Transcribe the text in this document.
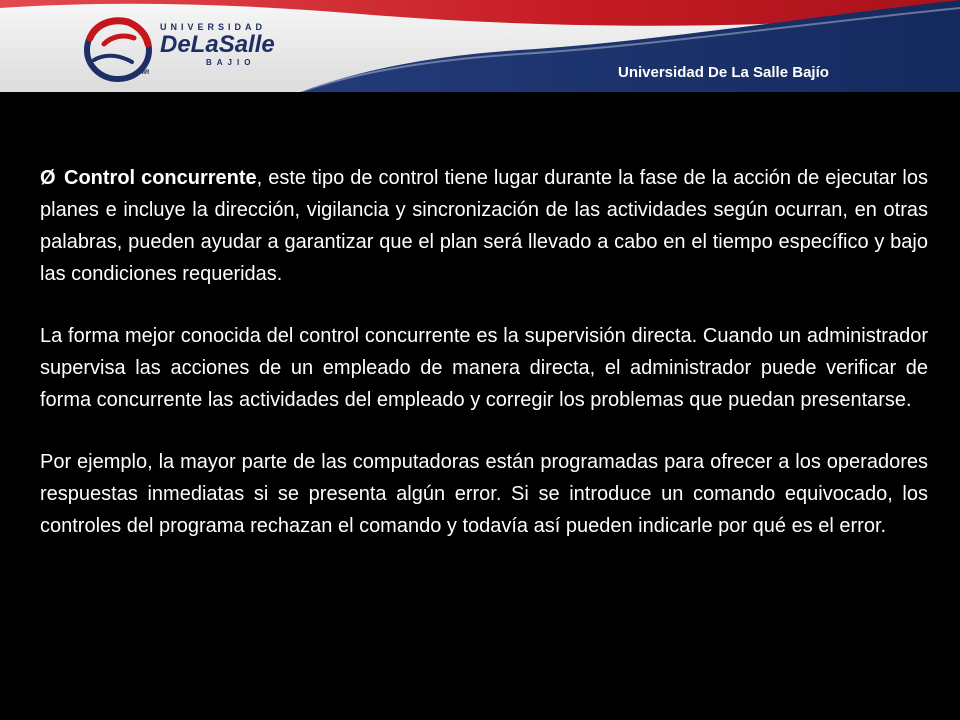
MR
UNIVERSIDAD
DeLaSalle
BAJIO
Universidad De La Salle Bajío

Ø Control concurrente, este tipo de control tiene lugar durante la fase de la acción de ejecutar los planes e incluye la dirección, vigilancia y sincronización de las actividades según ocurran, en otras palabras, pueden ayudar a garantizar que el plan será llevado a cabo en el tiempo específico y bajo las condiciones requeridas.

La forma mejor conocida del control concurrente es la supervisión directa. Cuando un administrador supervisa las acciones de un empleado de manera directa, el administrador puede verificar de forma concurrente las actividades del empleado y corregir los problemas que puedan presentarse.

Por ejemplo, la mayor parte de las computadoras están programadas para ofrecer a los operadores respuestas inmediatas si se presenta algún error. Si se introduce un comando equivocado, los controles del programa rechazan el comando y todavía así pueden indicarle por qué es el error.
